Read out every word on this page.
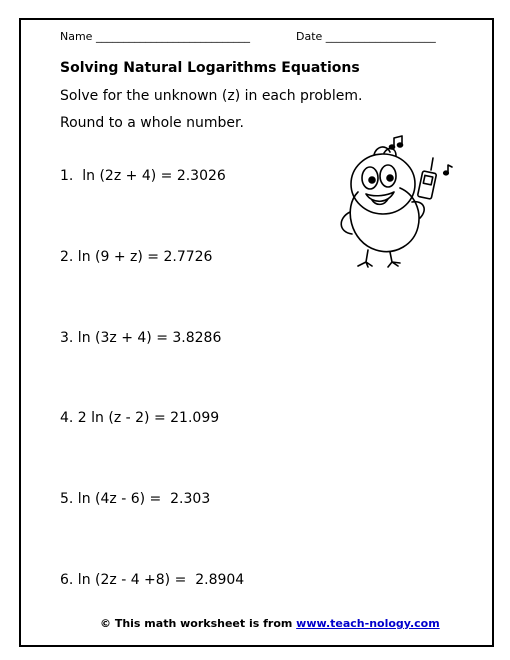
Name ____________________________	Date ____________________
Solving Natural Logarithms Equations
Solve for the unknown (z) in each problem.
Round to a whole number.
1.  ln (2z + 4) = 2.3026
2. ln (9 + z) = 2.7726
3. ln (3z + 4) = 3.8286
4. 2 ln (z - 2) = 21.099
5. ln (4z - 6) =  2.303
6. ln (2z - 4 +8) =  2.8904
© This math worksheet is from www.teach-nology.com
